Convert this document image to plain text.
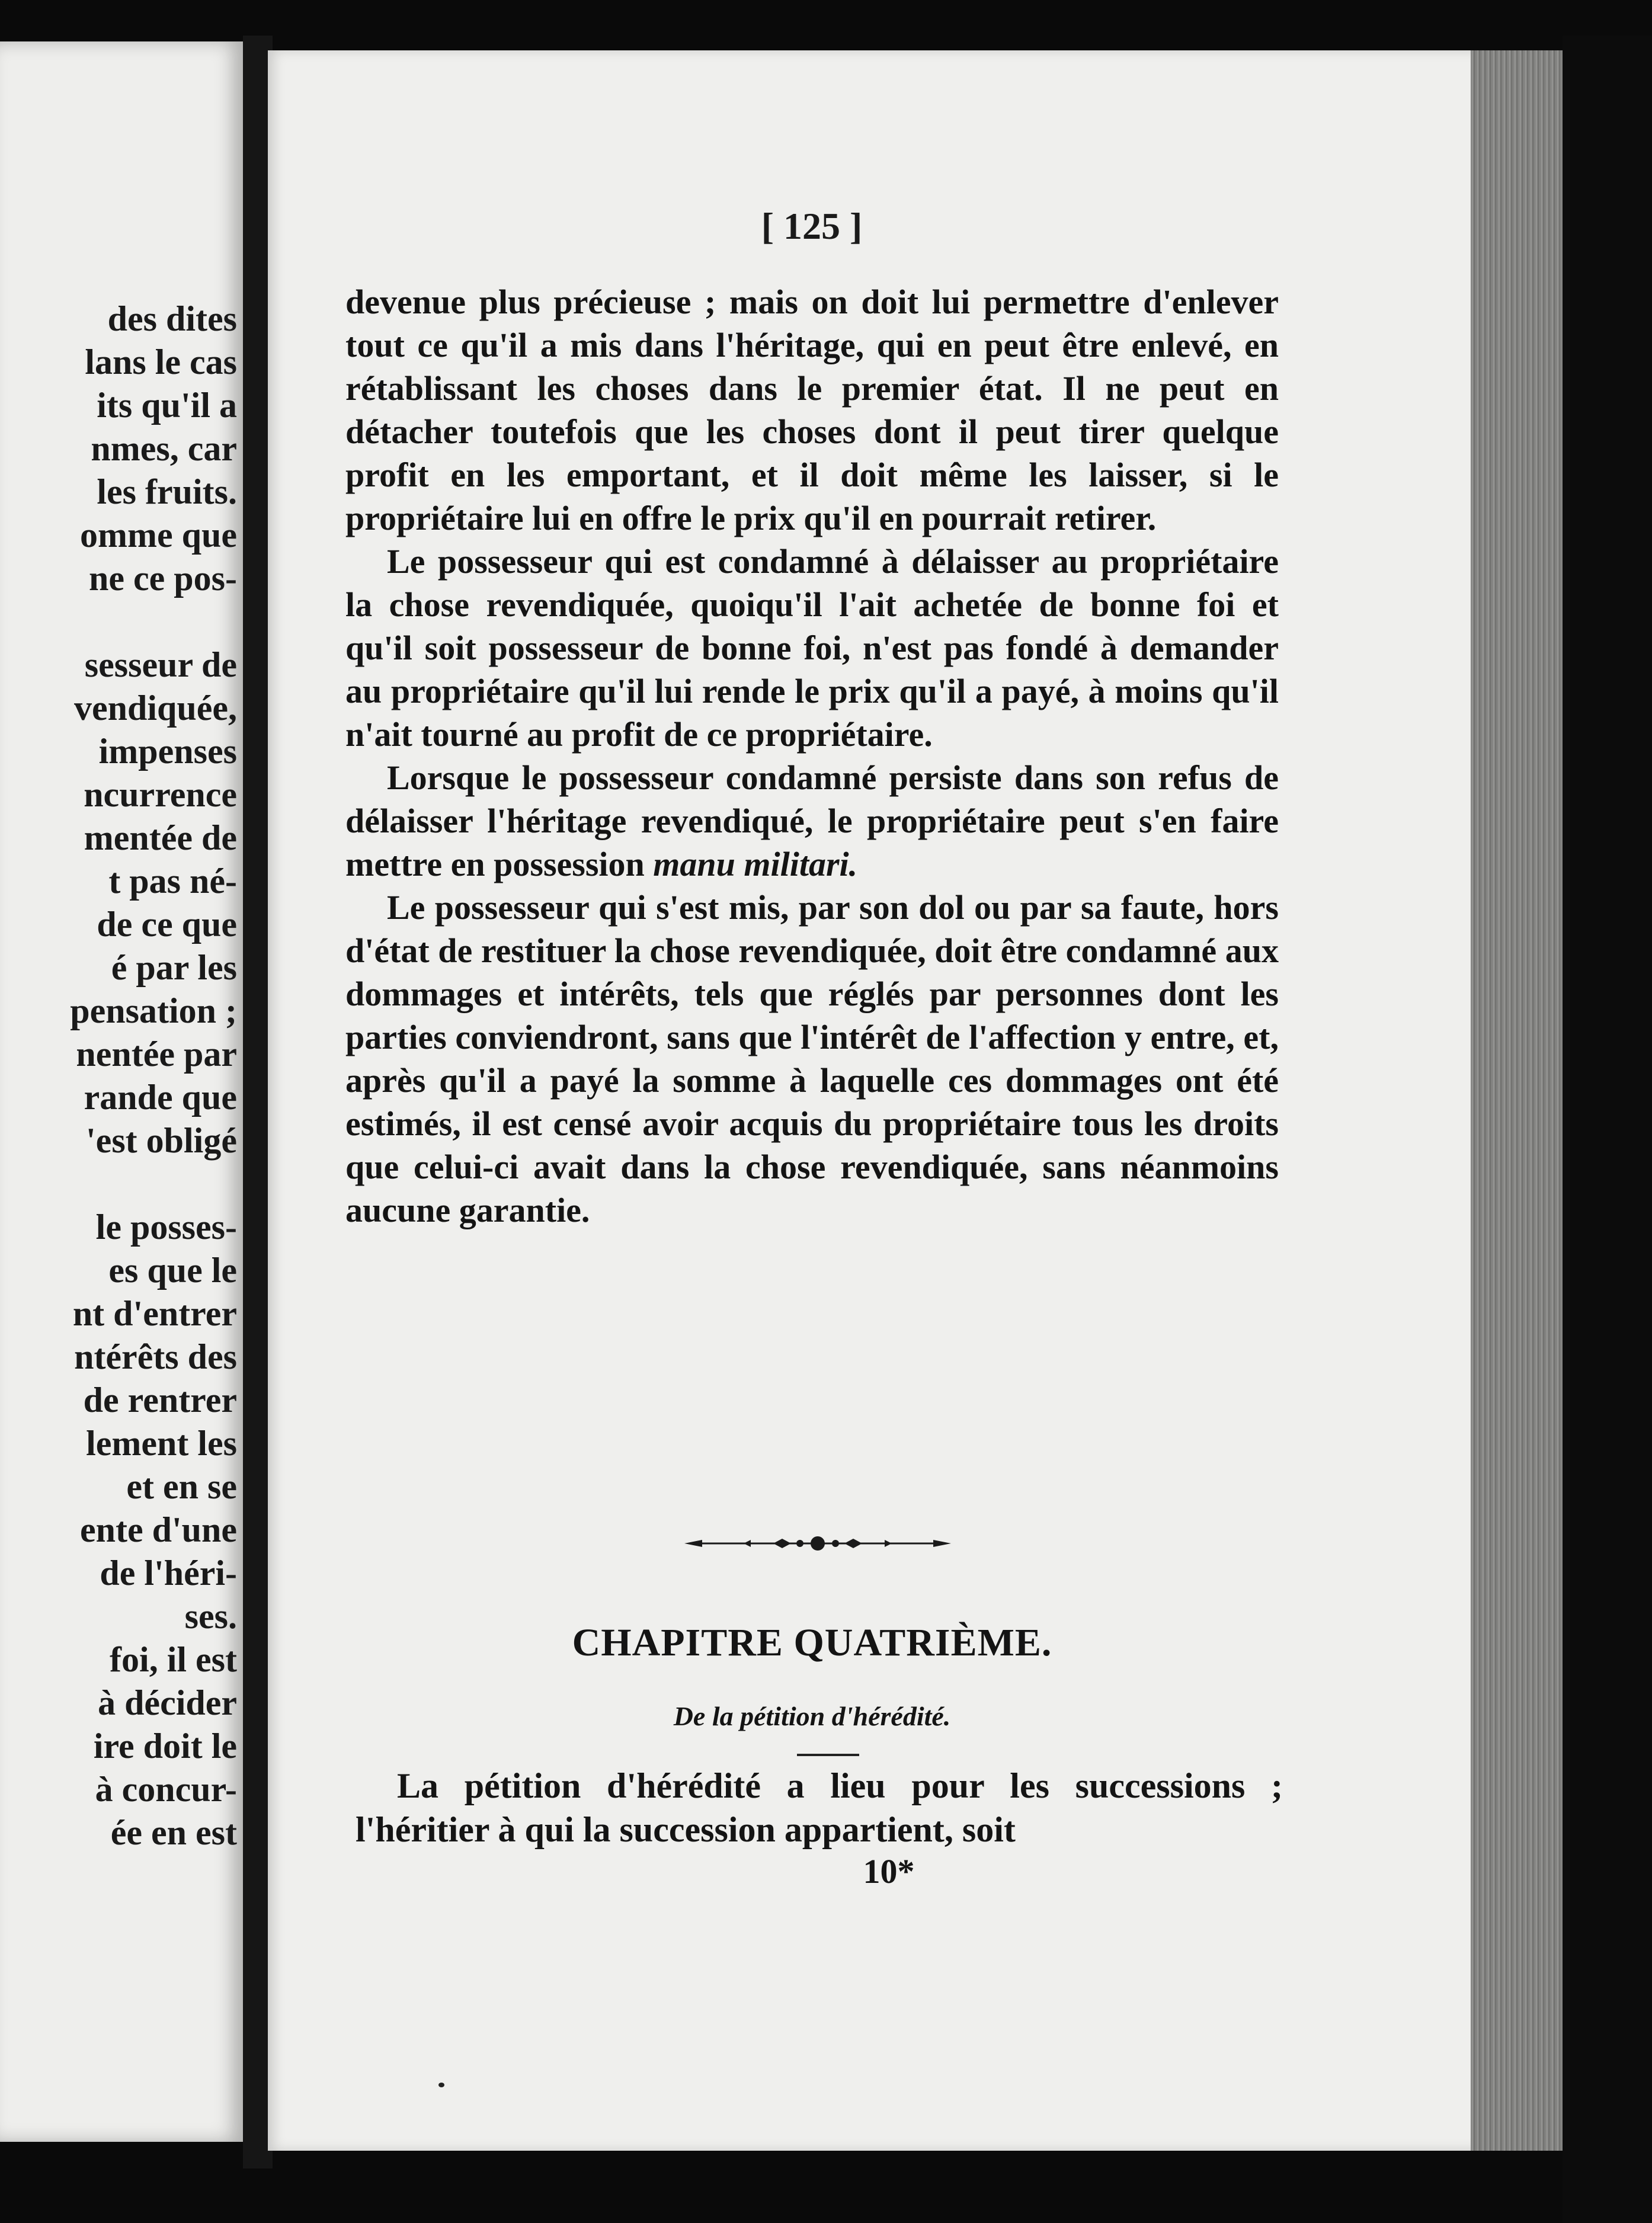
des dites
lans le cas
its qu'il a
nmes, car
les fruits.
omme que
ne ce pos-
sesseur de
vendiquée,
impenses
ncurrence
mentée de
t pas né-
de ce que
é par les
pensation ;
nentée par
rande que
'est obligé
le posses-
es que le
nt d'entrer
ntérêts des
de rentrer
lement les
et en se
ente d'une
de l'héri-
ses.
foi, il est
à décider
ire doit le
à concur-
ée en est
[ 125 ]

devenue plus précieuse ; mais on doit lui permettre d'enlever tout ce qu'il a mis dans l'héritage, qui en peut être enlevé, en rétablissant les choses dans le premier état. Il ne peut en détacher toutefois que les choses dont il peut tirer quelque profit en les emportant, et il doit même les laisser, si le propriétaire lui en offre le prix qu'il en pourrait retirer.

Le possesseur qui est condamné à délaisser au propriétaire la chose revendiquée, quoiqu'il l'ait achetée de bonne foi et qu'il soit possesseur de bonne foi, n'est pas fondé à demander au propriétaire qu'il lui rende le prix qu'il a payé, à moins qu'il n'ait tourné au profit de ce propriétaire.

Lorsque le possesseur condamné persiste dans son refus de délaisser l'héritage revendiqué, le propriétaire peut s'en faire mettre en possession manu militari.

Le possesseur qui s'est mis, par son dol ou par sa faute, hors d'état de restituer la chose revendiquée, doit être condamné aux dommages et intérêts, tels que réglés par personnes dont les parties conviendront, sans que l'intérêt de l'affection y entre, et, après qu'il a payé la somme à laquelle ces dommages ont été estimés, il est censé avoir acquis du propriétaire tous les droits que celui-ci avait dans la chose revendiquée, sans néanmoins aucune garantie.

CHAPITRE QUATRIÈME.
De la pétition d'hérédité.

La pétition d'hérédité a lieu pour les successions ; l'héritier à qui la succession appartient, soit

10*
